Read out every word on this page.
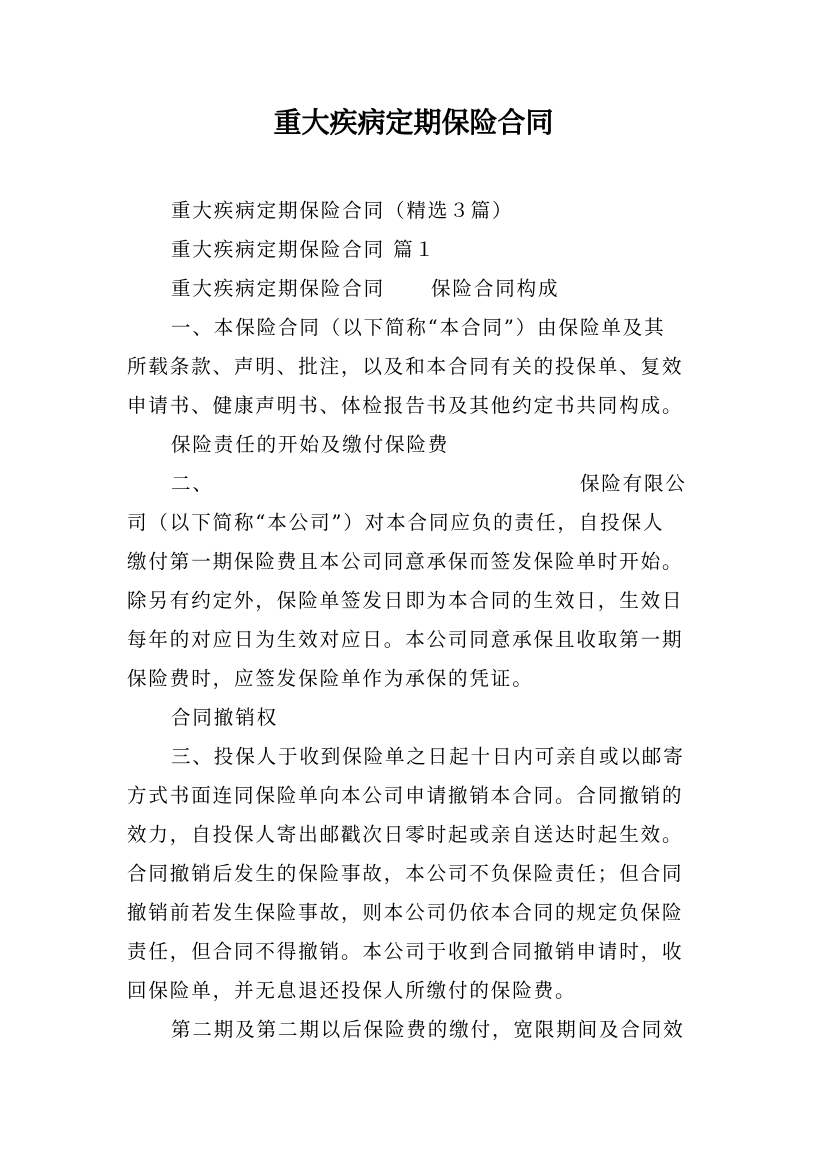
重大疾病定期保险合同
重大疾病定期保险合同（精选３篇）
重大疾病定期保险合同 篇１
重大疾病定期保险合同 保险合同构成
一、本保险合同（以下简称“本合同”）由保险单及其
所载条款、声明、批注，以及和本合同有关的投保单、复效
申请书、健康声明书、体检报告书及其他约定书共同构成。
保险责任的开始及缴付保险费
二、	保险有限公
司（以下简称“本公司”）对本合同应负的责任，自投保人
缴付第一期保险费且本公司同意承保而签发保险单时开始。
除另有约定外，保险单签发日即为本合同的生效日，生效日
每年的对应日为生效对应日。本公司同意承保且收取第一期
保险费时，应签发保险单作为承保的凭证。
合同撤销权
三、投保人于收到保险单之日起十日内可亲自或以邮寄
方式书面连同保险单向本公司申请撤销本合同。合同撤销的
效力，自投保人寄出邮戳次日零时起或亲自送达时起生效。
合同撤销后发生的保险事故，本公司不负保险责任；但合同
撤销前若发生保险事故，则本公司仍依本合同的规定负保险
责任，但合同不得撤销。本公司于收到合同撤销申请时，收
回保险单，并无息退还投保人所缴付的保险费。
第二期及第二期以后保险费的缴付，宽限期间及合同效
